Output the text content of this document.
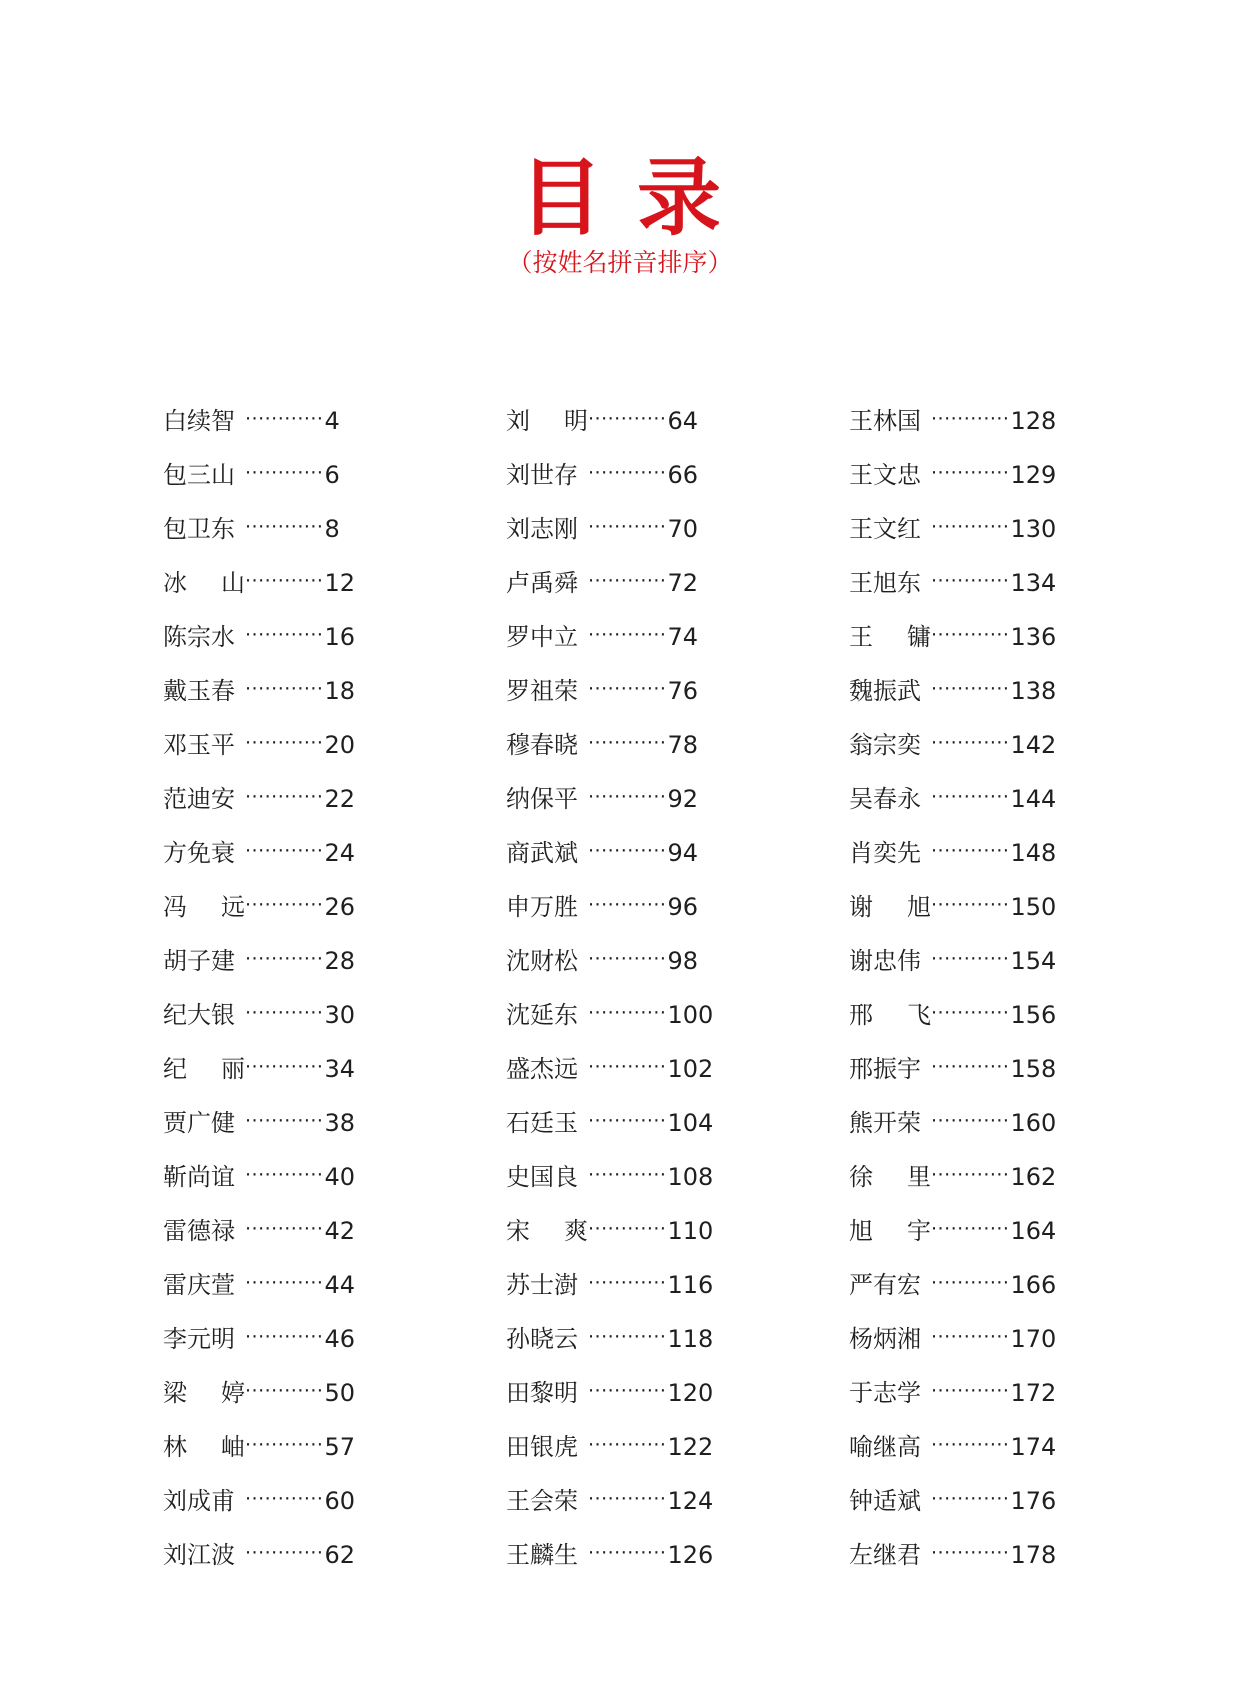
目录
（按姓名拼音排序）
白续智 ············ 4
包三山 ············ 6
包卫东 ············ 8
冰 山 ············ 12
陈宗水 ············ 16
戴玉春 ············ 18
邓玉平 ············ 20
范迪安 ············ 22
方免衰 ············ 24
冯 远 ············ 26
胡子建 ············ 28
纪大银 ············ 30
纪 丽 ············ 34
贾广健 ············ 38
靳尚谊 ············ 40
雷德禄 ············ 42
雷庆萱 ············ 44
李元明 ············ 46
梁 婷 ············ 50
林 岫 ············ 57
刘成甫 ············ 60
刘江波 ············ 62
刘 明 ············ 64
刘世存 ············ 66
刘志刚 ············ 70
卢禹舜 ············ 72
罗中立 ············ 74
罗祖荣 ············ 76
穆春晓 ············ 78
纳保平 ············ 92
商武斌 ············ 94
申万胜 ············ 96
沈财松 ············ 98
沈延东 ············ 100
盛杰远 ············ 102
石廷玉 ············ 104
史国良 ············ 108
宋 爽 ············ 110
苏士澍 ············ 116
孙晓云 ············ 118
田黎明 ············ 120
田银虎 ············ 122
王会荣 ············ 124
王麟生 ············ 126
王林国 ············ 128
王文忠 ············ 129
王文红 ············ 130
王旭东 ············ 134
王 镛 ············ 136
魏振武 ············ 138
翁宗奕 ············ 142
吴春永 ············ 144
肖奕先 ············ 148
谢 旭 ············ 150
谢忠伟 ············ 154
邢 飞 ············ 156
邢振宇 ············ 158
熊开荣 ············ 160
徐 里 ············ 162
旭 宇 ············ 164
严有宏 ············ 166
杨炳湘 ············ 170
于志学 ············ 172
喻继高 ············ 174
钟适斌 ············ 176
左继君 ············ 178
